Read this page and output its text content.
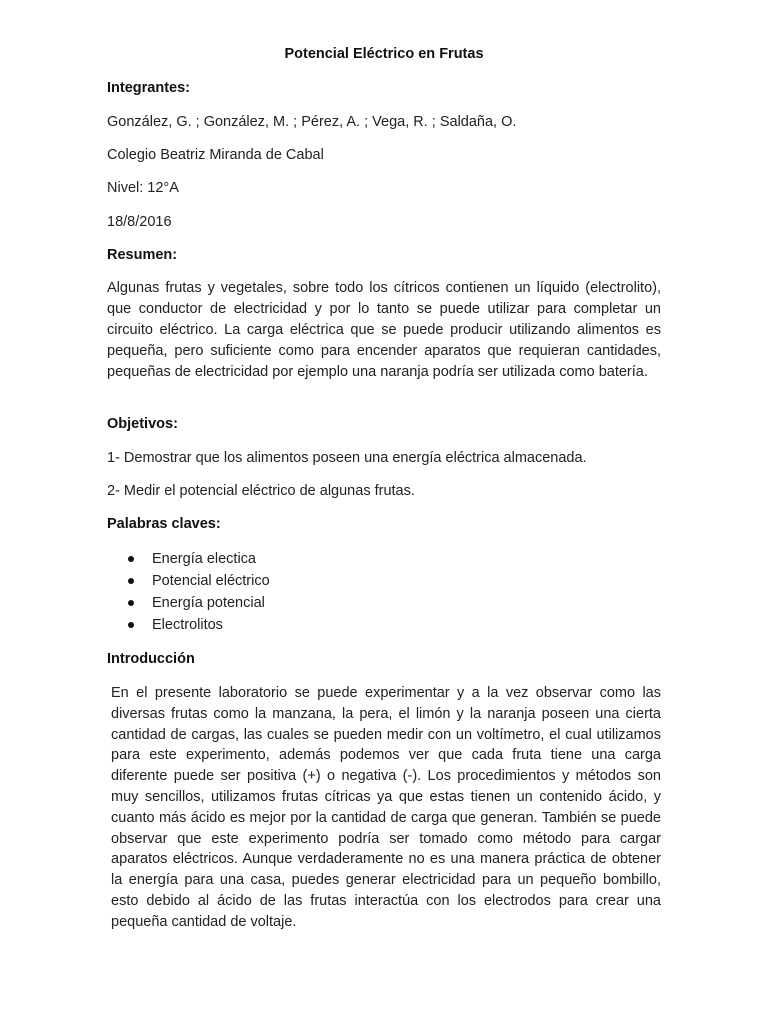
Potencial Eléctrico en Frutas
Integrantes:
González, G. ; González, M. ; Pérez, A. ; Vega, R. ; Saldaña, O.
Colegio Beatriz Miranda de Cabal
Nivel: 12°A
18/8/2016
Resumen:
Algunas frutas y vegetales, sobre todo los cítricos contienen un líquido (electrolito), que conductor de electricidad y por lo tanto se puede utilizar para completar un circuito eléctrico. La carga eléctrica que se puede producir utilizando alimentos es pequeña, pero suficiente como para encender aparatos que requieran cantidades, pequeñas de electricidad por ejemplo una naranja podría ser utilizada como batería.
Objetivos:
1- Demostrar que los alimentos poseen una energía eléctrica almacenada.
2- Medir el potencial eléctrico de algunas frutas.
Palabras claves:
Energía electica
Potencial eléctrico
Energía potencial
Electrolitos
Introducción
En el presente laboratorio se puede experimentar y a la vez observar como las diversas frutas como la manzana, la pera, el limón y la naranja poseen una cierta cantidad de cargas, las cuales se pueden medir con un voltímetro, el cual utilizamos para este experimento, además podemos ver que cada fruta tiene una carga diferente puede ser positiva (+) o negativa (-). Los procedimientos y métodos son muy sencillos, utilizamos frutas cítricas ya que estas tienen un contenido ácido, y cuanto más ácido es mejor por la cantidad de carga que generan. También se puede observar que este experimento podría ser tomado como método para cargar aparatos eléctricos. Aunque verdaderamente no es una manera práctica de obtener la energía para una casa, puedes generar electricidad para un pequeño bombillo, esto debido al ácido de las frutas interactúa con los electrodos para crear una pequeña cantidad de voltaje.
